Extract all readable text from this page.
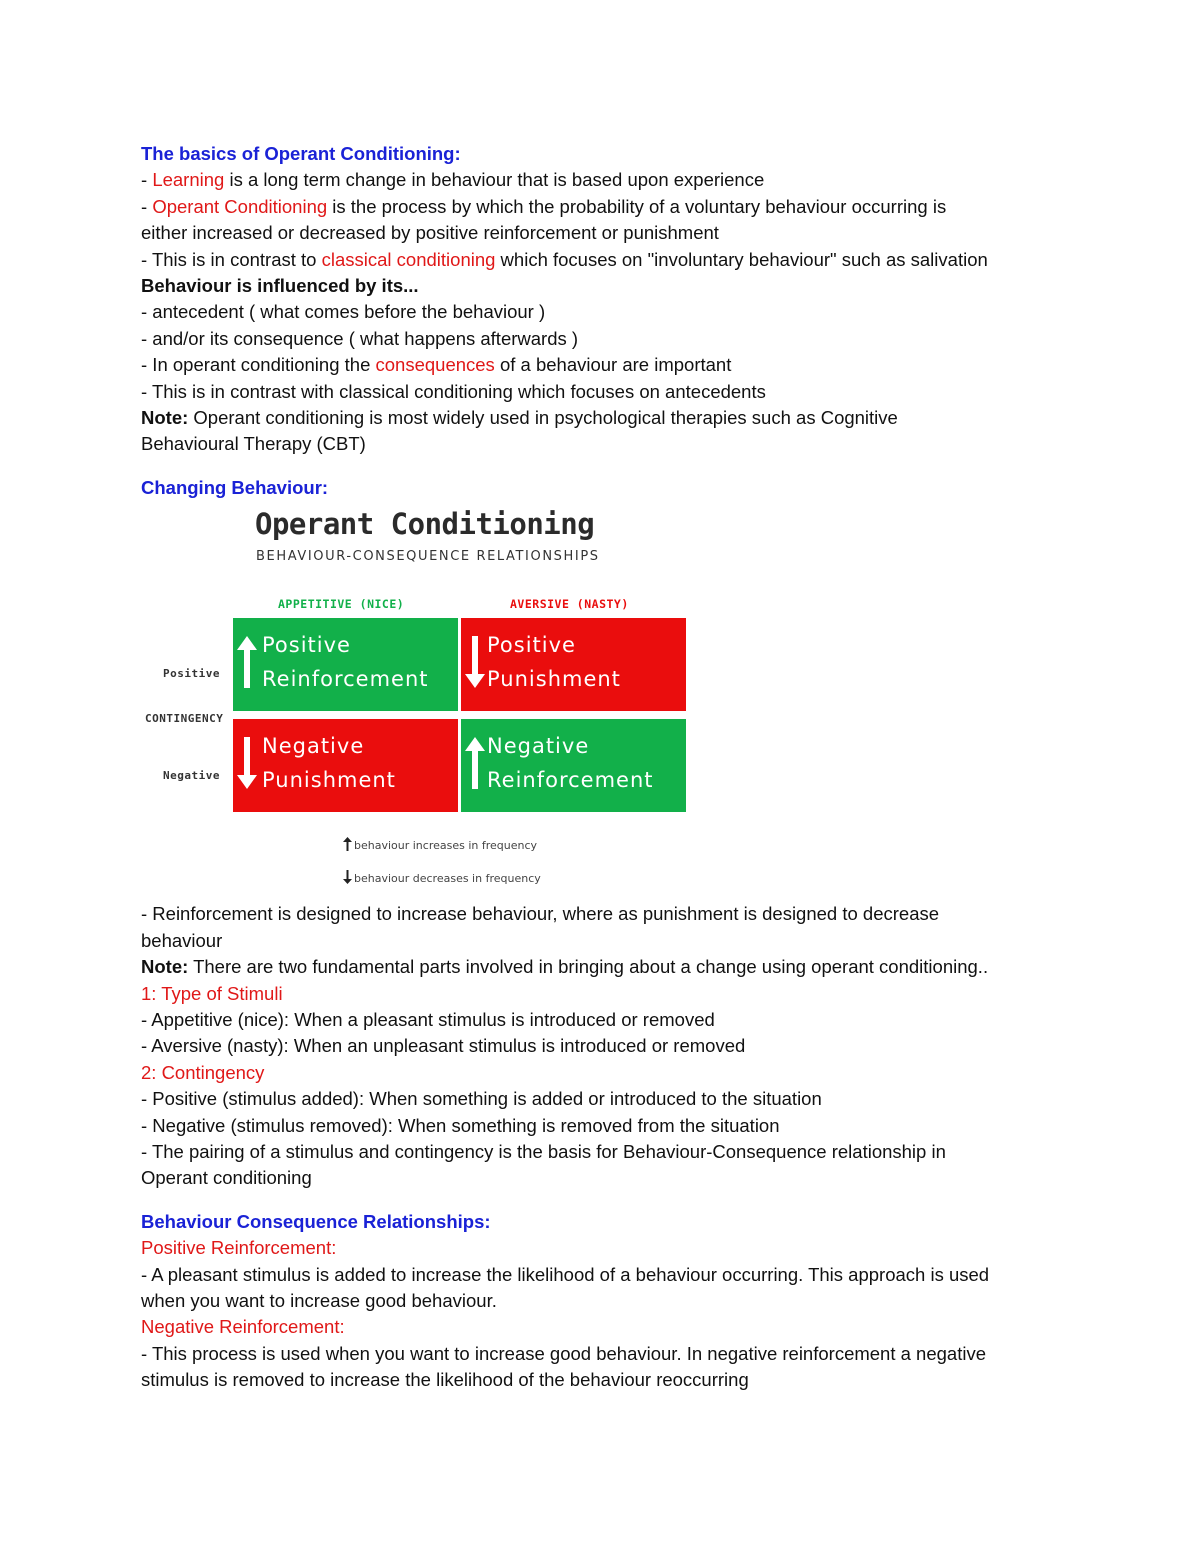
The basics of Operant Conditioning:
- Learning is a long term change in behaviour that is based upon experience
- Operant Conditioning is the process by which the probability of a voluntary behaviour occurring is
either increased or decreased by positive reinforcement or punishment
- This is in contrast to classical conditioning which focuses on "involuntary behaviour" such as salivation
Behaviour is influenced by its...
- antecedent ( what comes before the behaviour )
- and/or its consequence ( what happens afterwards )
- In operant conditioning the consequences of a behaviour are important
- This is in contrast with classical conditioning which focuses on antecedents
Note: Operant conditioning is most widely used in psychological therapies such as Cognitive
Behavioural Therapy (CBT)
Changing Behaviour:
Operant Conditioning
BEHAVIOUR-CONSEQUENCE RELATIONSHIPS
APPETITIVE (NICE)	AVERSIVE (NASTY)
Positive
CONTINGENCY
Negative
Positive
Reinforcement
Positive
Punishment
Negative
Punishment
Negative
Reinforcement
behaviour increases in frequency
behaviour decreases in frequency
- Reinforcement is designed to increase behaviour, where as punishment is designed to decrease
behaviour
Note: There are two fundamental parts involved in bringing about a change using operant conditioning..
1: Type of Stimuli
- Appetitive (nice): When a pleasant stimulus is introduced or removed
- Aversive (nasty): When an unpleasant stimulus is introduced or removed
2: Contingency
- Positive (stimulus added): When something is added or introduced to the situation
- Negative (stimulus removed): When something is removed from the situation
- The pairing of a stimulus and contingency is the basis for Behaviour-Consequence relationship in
Operant conditioning
Behaviour Consequence Relationships:
Positive Reinforcement:
- A pleasant stimulus is added to increase the likelihood of a behaviour occurring. This approach is used
when you want to increase good behaviour.
Negative Reinforcement:
- This process is used when you want to increase good behaviour. In negative reinforcement a negative
stimulus is removed to increase the likelihood of the behaviour reoccurring
